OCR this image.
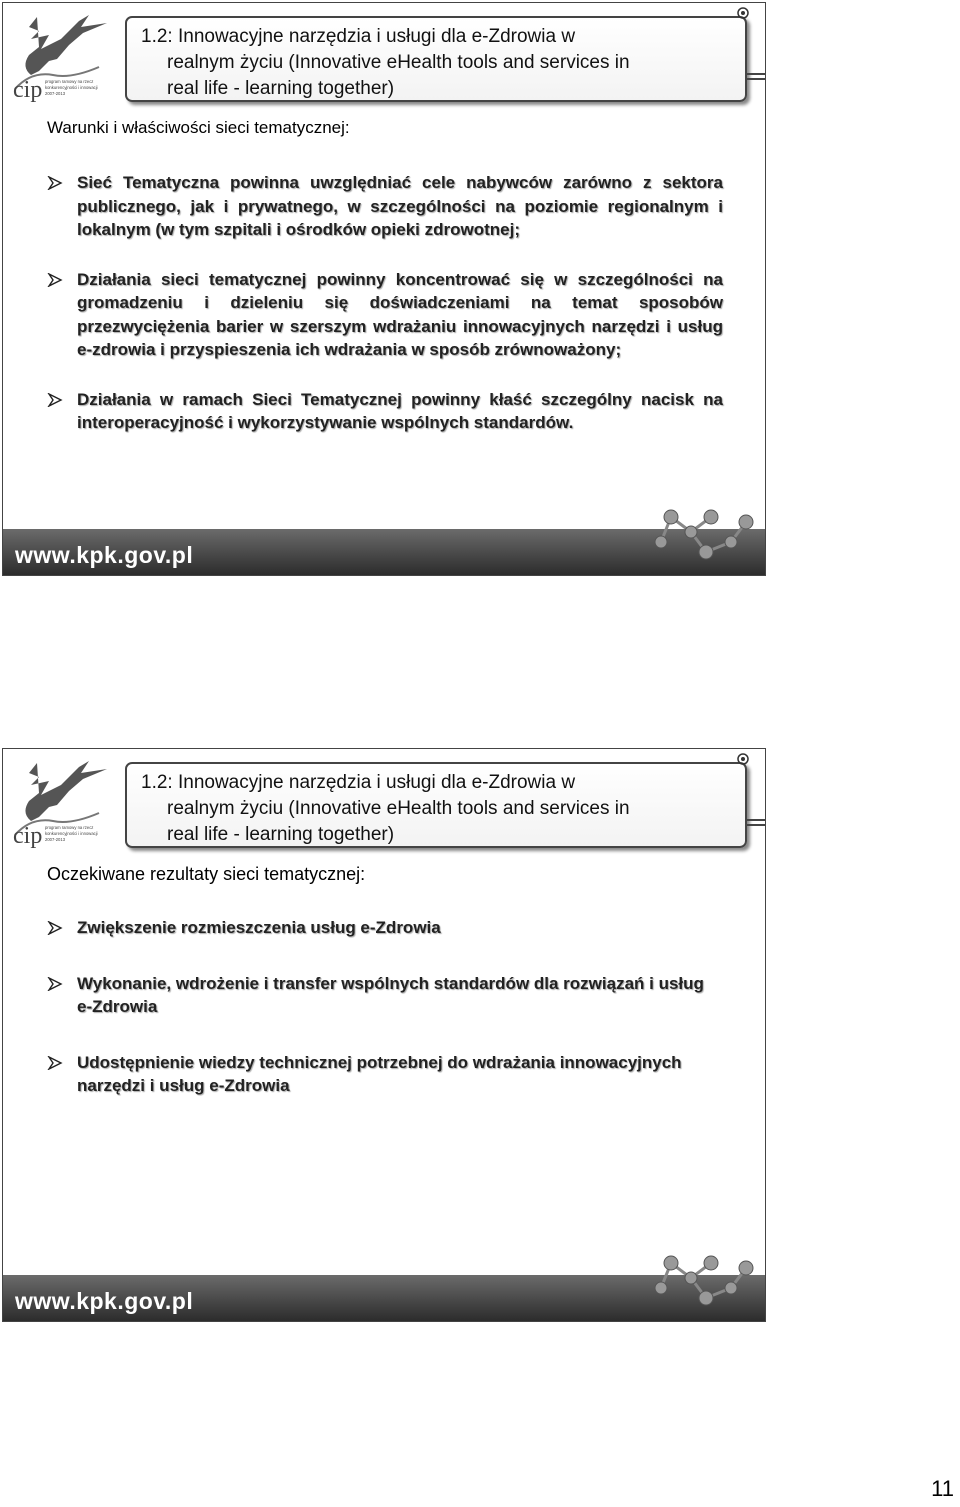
cip program ramowy na rzecz
konkurencyjności i innowacji
2007-2013
1.2: Innowacyjne narzędzia i usługi dla e-Zdrowia w
realnym życiu (Innovative eHealth tools and services in
real life - learning together)
Warunki i właściwości sieci tematycznej:
Sieć Tematyczna powinna uwzględniać cele nabywców zarówno z sektora publicznego, jak i prywatnego, w szczególności na poziomie regionalnym i lokalnym (w tym szpitali i ośrodków opieki zdrowotnej;
Działania sieci tematycznej powinny koncentrować się w szczególności na gromadzeniu i dzieleniu się doświadczeniami na temat sposobów przezwyciężenia barier w szerszym wdrażaniu innowacyjnych narzędzi i usług e-zdrowia i przyspieszenia ich wdrażania w sposób zrównoważony;
Działania w ramach Sieci Tematycznej powinny kłaść szczególny nacisk na interoperacyjność i wykorzystywanie wspólnych standardów.
www.kpk.gov.pl
cip program ramowy na rzecz
konkurencyjności i innowacji
2007-2013
1.2: Innowacyjne narzędzia i usługi dla e-Zdrowia w
realnym życiu (Innovative eHealth tools and services in
real life - learning together)
Oczekiwane rezultaty sieci tematycznej:
Zwiększenie rozmieszczenia usług e-Zdrowia
Wykonanie, wdrożenie i transfer wspólnych standardów dla rozwiązań i usług e-Zdrowia
Udostępnienie wiedzy technicznej potrzebnej do wdrażania innowacyjnych narzędzi i usług e-Zdrowia
www.kpk.gov.pl
11
